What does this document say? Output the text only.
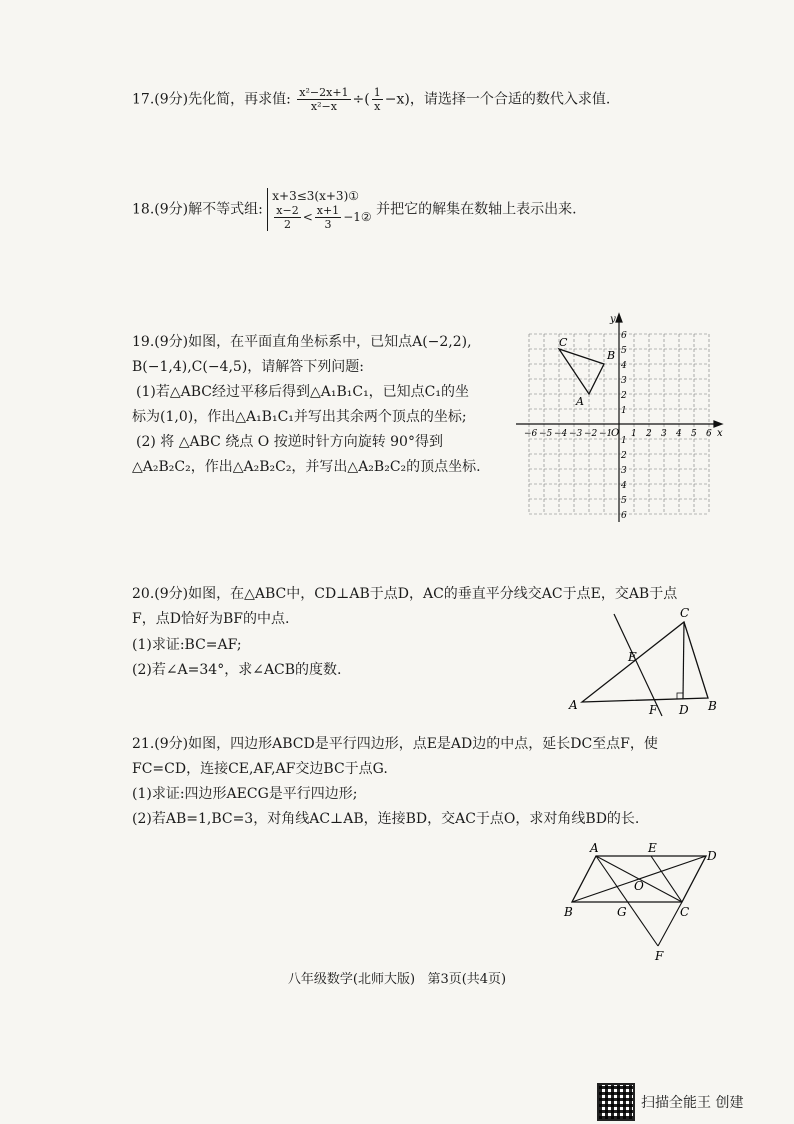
17.(9分)先化简，再求值: $\frac{\text{x²−2x+1}}{\text{x²−x}}$ ÷( $\frac{1}{x} -x$)，请选择一个合适的数代入求值.
18.(9分)解不等式组:
x+3≤3(x+3)①
$\frac{x-2}{2} < \frac{x+1}{3}$ −1② 并把它的解集在数轴上表示出来.
19.(9分)如图，在平面直角坐标系中，已知点A(−2,2),
B(−1,4),C(−4,5)，请解答下列问题:
(1)若△ABC经过平移后得到△A₁B₁C₁，已知点C₁的坐
标为(1,0)，作出△A₁B₁C₁并写出其余两个顶点的坐标;
(2) 将 △ABC 绕点 O 按逆时针方向旋转 90°得到
△A₂B₂C₂，作出△A₂B₂C₂，并写出△A₂B₂C₂的顶点坐标.
x
y
O
−6 −5 −4 −3 −2 −1 1 2 3 4 5 6
6
5
4
3
2
1
1
2
3
4
5
6
A
B
C
20.(9分)如图，在△ABC中，CD⊥AB于点D，AC的垂直平分线交AC于点E，交AB于点
F，点D恰好为BF的中点.
(1)求证:BC=AF;
(2)若∠A=34°，求∠ACB的度数.
A	B
C
D
E
F
21.(9分)如图，四边形ABCD是平行四边形，点E是AD边的中点，延长DC至点F，使
FC=CD，连接CE,AF,AF交边BC于点G.
(1)求证:四边形AECG是平行四边形;
(2)若AB=1,BC=3，对角线AC⊥AB，连接BD，交AC于点O，求对角线BD的长.
A
B	C
D
E
F
G
O
八年级数学(北师大版) 第3页(共4页)
扫描全能王 创建
